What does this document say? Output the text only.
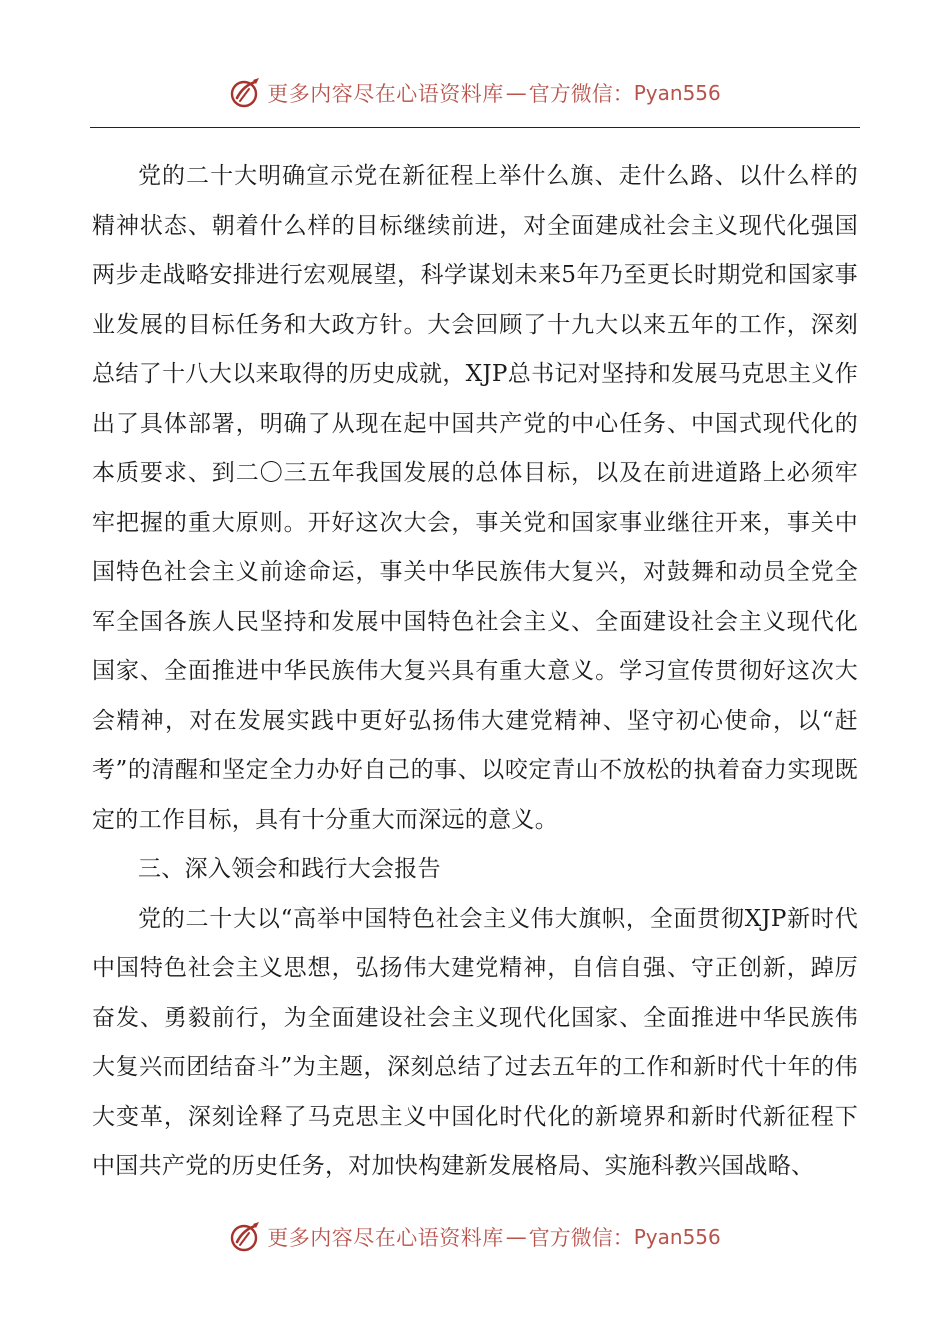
更多内容尽在心语资料库 — 官方微信： Pyan556

党的二十大明确宣示党在新征程上举什么旗、走什么路、以什么样的精神状态、朝着什么样的目标继续前进，对全面建成社会主义现代化强国两步走战略安排进行宏观展望，科学谋划未来5年乃至更长时期党和国家事业发展的目标任务和大政方针。大会回顾了十九大以来五年的工作，深刻总结了十八大以来取得的历史成就，XJP总书记对坚持和发展马克思主义作出了具体部署，明确了从现在起中国共产党的中心任务、中国式现代化的本质要求、到二〇三五年我国发展的总体目标，以及在前进道路上必须牢牢把握的重大原则。开好这次大会，事关党和国家事业继往开来，事关中国特色社会主义前途命运，事关中华民族伟大复兴，对鼓舞和动员全党全军全国各族人民坚持和发展中国特色社会主义、全面建设社会主义现代化国家、全面推进中华民族伟大复兴具有重大意义。学习宣传贯彻好这次大会精神，对在发展实践中更好弘扬伟大建党精神、坚守初心使命，以“赶考”的清醒和坚定全力办好自己的事、以咬定青山不放松的执着奋力实现既定的工作目标，具有十分重大而深远的意义。

三、深入领会和践行大会报告

党的二十大以“高举中国特色社会主义伟大旗帜，全面贯彻XJP新时代中国特色社会主义思想，弘扬伟大建党精神，自信自强、守正创新，踔厉奋发、勇毅前行，为全面建设社会主义现代化国家、全面推进中华民族伟大复兴而团结奋斗”为主题，深刻总结了过去五年的工作和新时代十年的伟大变革，深刻诠释了马克思主义中国化时代化的新境界和新时代新征程下中国共产党的历史任务，对加快构建新发展格局、实施科教兴国战略、

更多内容尽在心语资料库 — 官方微信： Pyan556
